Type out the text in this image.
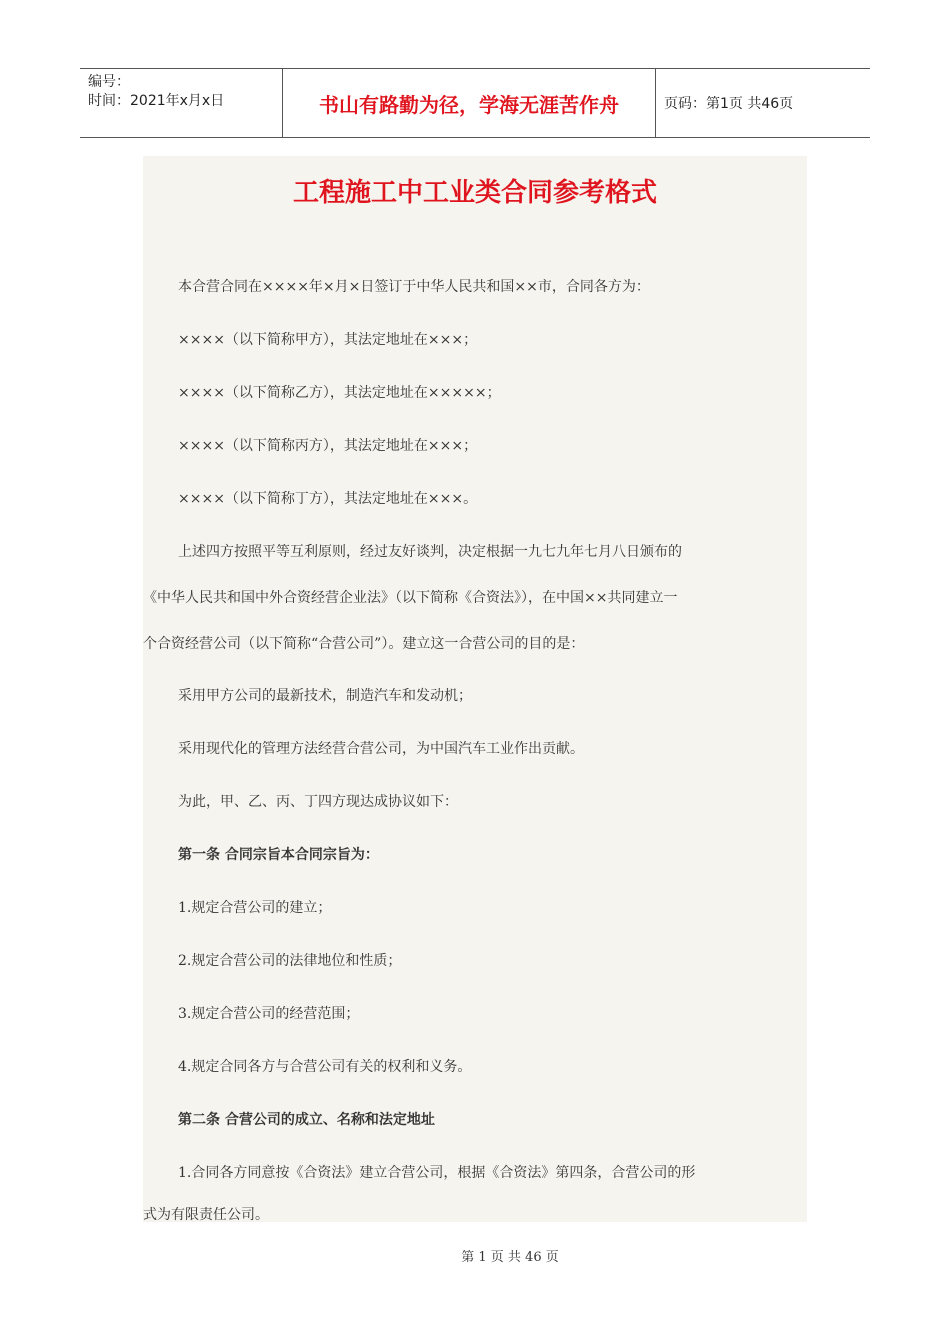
编号：
时间：2021年x月x日	书山有路勤为径，学海无涯苦作舟	页码：第1页 共46页
工程施工中工业类合同参考格式
本合营合同在××××年×月×日签订于中华人民共和国××市，合同各方为：
××××（以下简称甲方），其法定地址在×××；
××××（以下简称乙方），其法定地址在×××××；
××××（以下简称丙方），其法定地址在×××；
××××（以下简称丁方），其法定地址在×××。
上述四方按照平等互利原则，经过友好谈判，决定根据一九七九年七月八日颁布的
《中华人民共和国中外合资经营企业法》（以下简称《合资法》），在中国××共同建立一
个合资经营公司（以下简称“合营公司”）。建立这一合营公司的目的是：
采用甲方公司的最新技术，制造汽车和发动机；
采用现代化的管理方法经营合营公司，为中国汽车工业作出贡献。
为此，甲、乙、丙、丁四方现达成协议如下：
第一条 合同宗旨本合同宗旨为：
1.规定合营公司的建立；
2.规定合营公司的法律地位和性质；
3.规定合营公司的经营范围；
4.规定合同各方与合营公司有关的权利和义务。
第二条 合营公司的成立、名称和法定地址
1.合同各方同意按《合资法》建立合营公司，根据《合资法》第四条，合营公司的形
式为有限责任公司。
第 1 页 共 46 页
